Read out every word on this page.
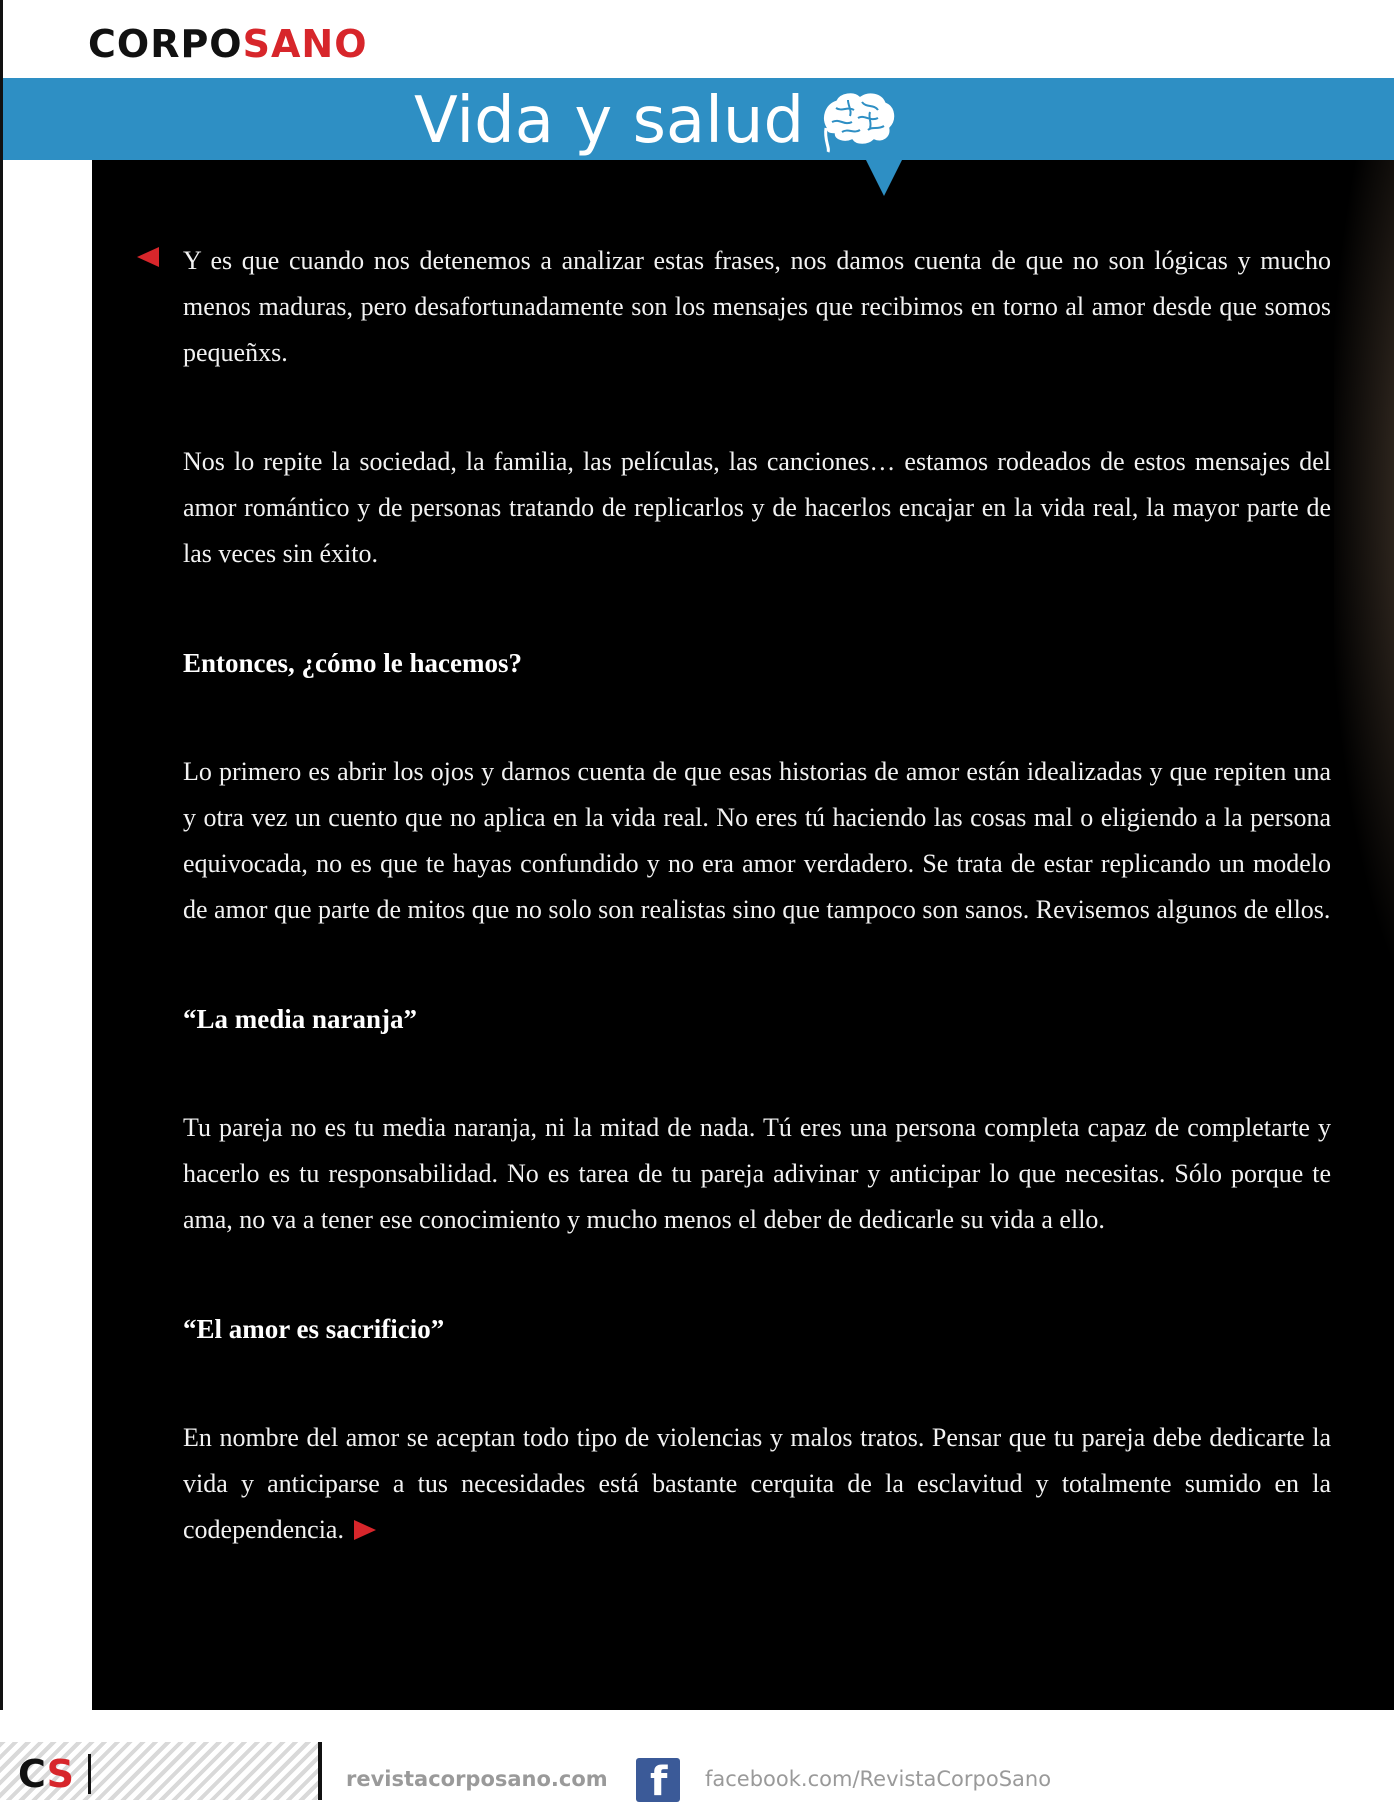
CORPOSANO
Vida y salud

Y es que cuando nos detenemos a analizar estas frases, nos damos cuenta de que no son lógicas y mucho menos maduras, pero desafortunadamente son los mensajes que recibimos en torno al amor desde que somos pequeñxs.

Nos lo repite la sociedad, la familia, las películas, las canciones… estamos rodeados de estos mensajes del amor romántico y de personas tratando de replicarlos y de hacerlos encajar en la vida real, la mayor parte de las veces sin éxito.

Entonces, ¿cómo le hacemos?

Lo primero es abrir los ojos y darnos cuenta de que esas historias de amor están idealizadas y que repiten una y otra vez un cuento que no aplica en la vida real. No eres tú haciendo las cosas mal o eligiendo a la persona equivocada, no es que te hayas confundido y no era amor verdadero. Se trata de estar replicando un modelo de amor que parte de mitos que no solo son realistas sino que tampoco son sanos. Revisemos algunos de ellos.

“La media naranja”

Tu pareja no es tu media naranja, ni la mitad de nada. Tú eres una persona completa capaz de completarte y hacerlo es tu responsabilidad. No es tarea de tu pareja adivinar y anticipar lo que necesitas. Sólo porque te ama, no va a tener ese conocimiento y mucho menos el deber de dedicarle su vida a ello.

“El amor es sacrificio”

En nombre del amor se aceptan todo tipo de violencias y malos tratos. Pensar que tu pareja debe dedicarte la vida y anticiparse a tus necesidades está bastante cerquita de la esclavitud y totalmente sumido en la codependencia.

CS	revistacorposano.com f facebook.com/RevistaCorpoSano
